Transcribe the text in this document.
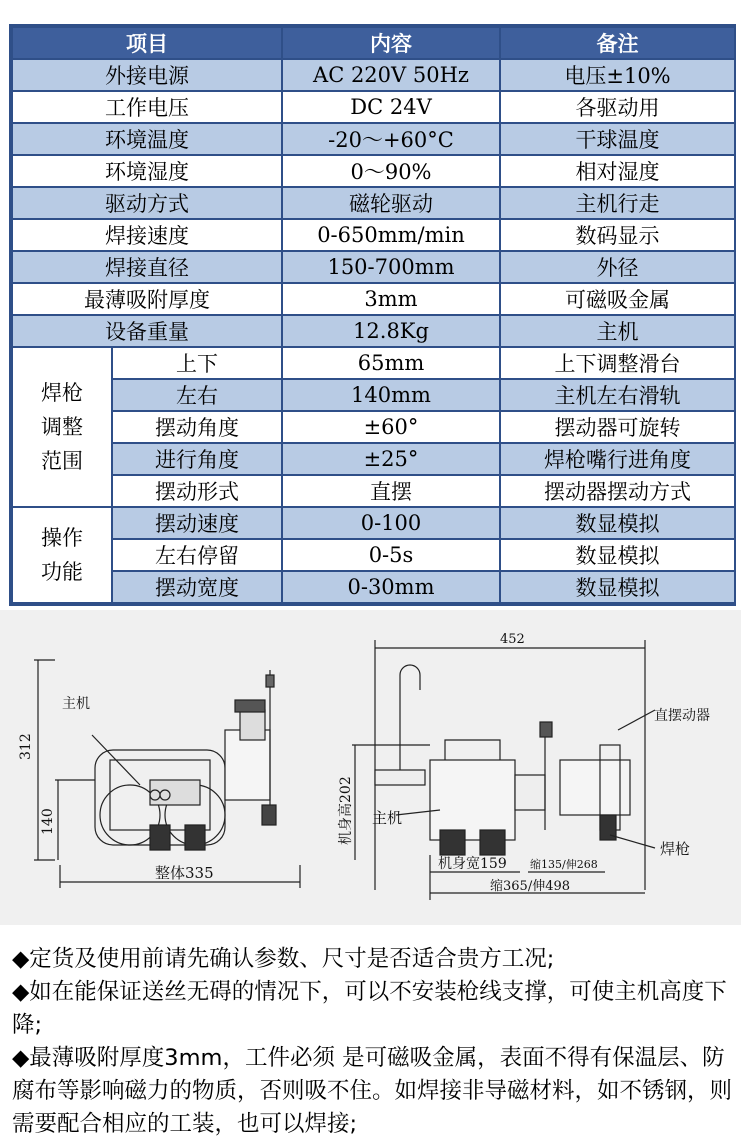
项目		内容	备注
外接电源		AC 220V 50Hz	电压±10%
工作电压		DC 24V	各驱动用
环境温度		-20～+60°C	干球温度
环境湿度		0～90%	相对湿度
驱动方式		磁轮驱动	主机行走
焊接速度		0-650mm/min	数码显示
焊接直径		150-700mm	外径
最薄吸附厚度		3mm	可磁吸金属
设备重量		12.8Kg	主机
焊枪调整范围	上下	65mm	上下调整滑台
	左右	140mm	主机左右滑轨
	摆动角度	±60°	摆动器可旋转
	进行角度	±25°	焊枪嘴行进角度
	摆动形式	直摆	摆动器摆动方式
操作功能	摆动速度	0-100	数显模拟
	左右停留	0-5s	数显模拟
	摆动宽度	0-30mm	数显模拟
主机
312
140
整体335
452
直摆动器
机身高202 主机
焊枪
机身宽159 缩135/伸268
缩365/伸498

◆定货及使用前请先确认参数、尺寸是否适合贵方工况;

◆如在能保证送丝无碍的情况下，可以不安装枪线支撑，可使主机高度下降;

◆最薄吸附厚度3mm，工件必须 是可磁吸金属，表面不得有保温层、防腐布等影响磁力的物质，否则吸不住。如焊接非导磁材料，如不锈钢，则需要配合相应的工装，也可以焊接;
